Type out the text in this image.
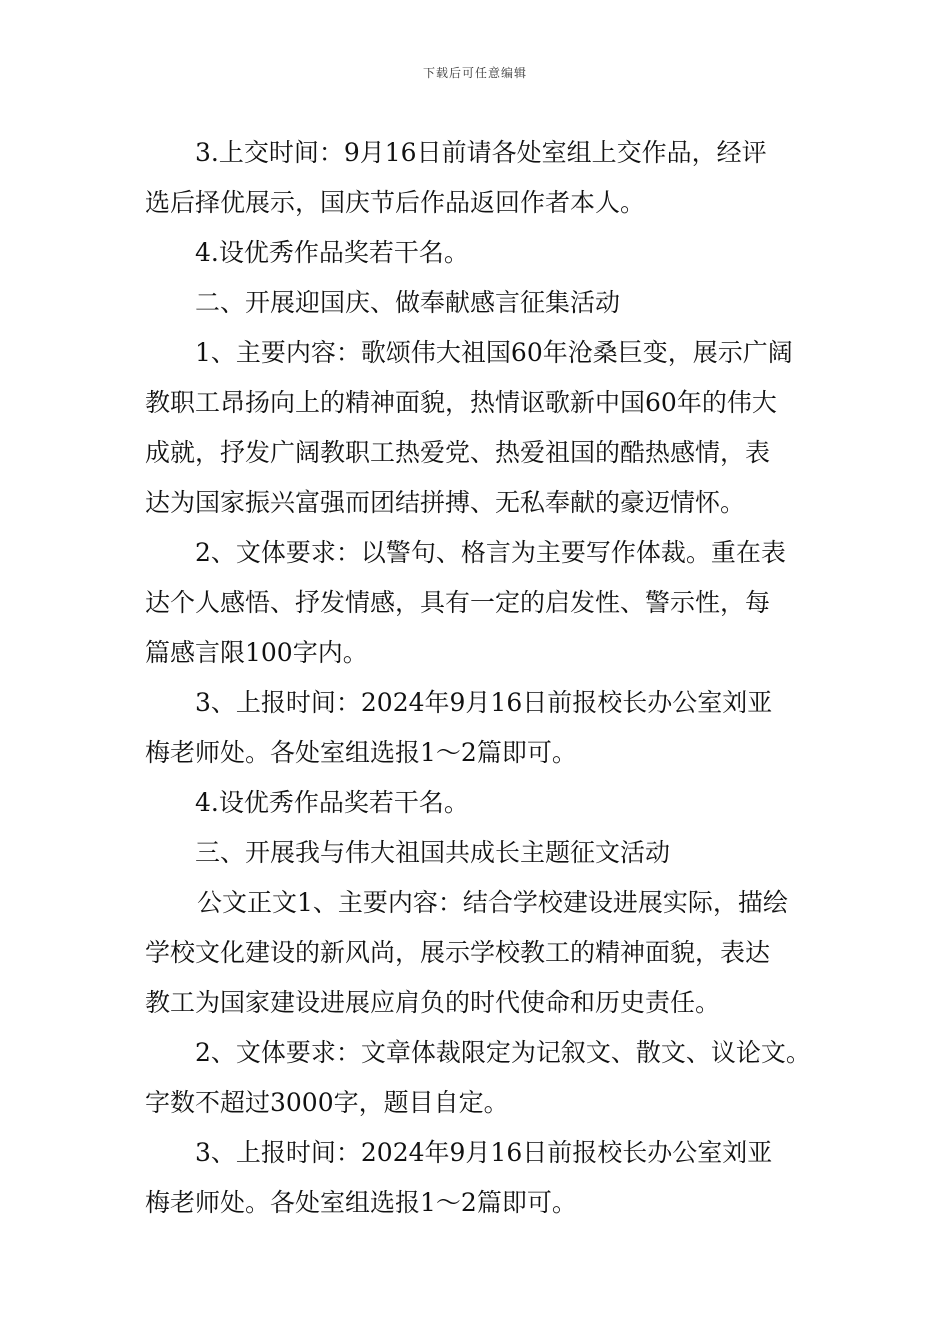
下载后可任意编辑
3.上交时间：9月16日前请各处室组上交作品，经评
选后择优展示，国庆节后作品返回作者本人。
4.设优秀作品奖若干名。
二、开展迎国庆、做奉献感言征集活动
1、主要内容：歌颂伟大祖国60年沧桑巨变，展示广阔
教职工昂扬向上的精神面貌，热情讴歌新中国60年的伟大
成就，抒发广阔教职工热爱党、热爱祖国的酷热感情，表
达为国家振兴富强而团结拼搏、无私奉献的豪迈情怀。
2、文体要求：以警句、格言为主要写作体裁。重在表
达个人感悟、抒发情感，具有一定的启发性、警示性，每
篇感言限100字内。
3、上报时间：2024年9月16日前报校长办公室刘亚
梅老师处。各处室组选报1～2篇即可。
4.设优秀作品奖若干名。
三、开展我与伟大祖国共成长主题征文活动
公文正文1、主要内容：结合学校建设进展实际，描绘
学校文化建设的新风尚，展示学校教工的精神面貌，表达
教工为国家建设进展应肩负的时代使命和历史责任。
2、文体要求：文章体裁限定为记叙文、散文、议论文。
字数不超过3000字，题目自定。
3、上报时间：2024年9月16日前报校长办公室刘亚
梅老师处。各处室组选报1～2篇即可。
